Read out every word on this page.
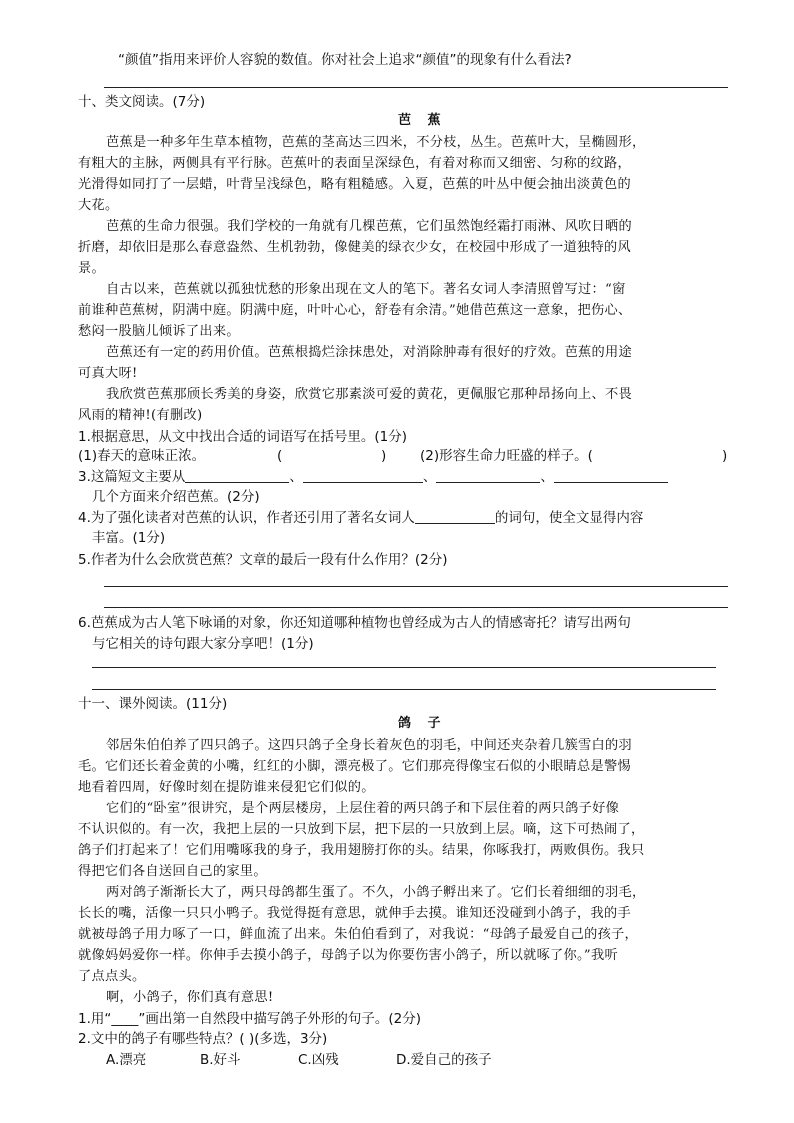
“颜值”指用来评价人容貌的数值。你对社会上追求“颜值”的现象有什么看法?
十、类文阅读。(7分)
芭 蕉
芭蕉是一种多年生草本植物，芭蕉的茎高达三四米，不分枝，丛生。芭蕉叶大，呈椭圆形，
有粗大的主脉，两侧具有平行脉。芭蕉叶的表面呈深绿色，有着对称而又细密、匀称的纹路，
光滑得如同打了一层蜡，叶背呈浅绿色，略有粗糙感。入夏，芭蕉的叶丛中便会抽出淡黄色的
大花。
芭蕉的生命力很强。我们学校的一角就有几棵芭蕉，它们虽然饱经霜打雨淋、风吹日晒的
折磨，却依旧是那么春意盎然、生机勃勃，像健美的绿衣少女，在校园中形成了一道独特的风
景。
自古以来，芭蕉就以孤独忧愁的形象出现在文人的笔下。著名女词人李清照曾写过：“窗
前谁种芭蕉树，阴满中庭。阴满中庭，叶叶心心，舒卷有余清。”她借芭蕉这一意象，把伤心、
愁闷一股脑儿倾诉了出来。
芭蕉还有一定的药用价值。芭蕉根捣烂涂抹患处，对消除肿毒有很好的疗效。芭蕉的用途
可真大呀!
我欣赏芭蕉那颀长秀美的身姿，欣赏它那素淡可爱的黄花，更佩服它那种昂扬向上、不畏
风雨的精神!(有删改)
1.根据意思，从文中找出合适的词语写在括号里。(1分)
(1)春天的意味正浓。	(	) (2)形容生命力旺盛的样子。(	)
3.这篇短文主要从	、	、	、
几个方面来介绍芭蕉。(2分)
4.为了强化读者对芭蕉的认识，作者还引用了著名女词人	的词句，使全文显得内容
丰富。(1分)
5.作者为什么会欣赏芭蕉？文章的最后一段有什么作用？(2分)
6.芭蕉成为古人笔下咏诵的对象，你还知道哪种植物也曾经成为古人的情感寄托？请写出两句
与它相关的诗句跟大家分享吧！(1分)
十一、课外阅读。(11分)
鸽 子
邻居朱伯伯养了四只鸽子。这四只鸽子全身长着灰色的羽毛，中间还夹杂着几簇雪白的羽
毛。它们还长着金黄的小嘴，红红的小脚，漂亮极了。它们那亮得像宝石似的小眼睛总是警惕
地看着四周，好像时刻在提防谁来侵犯它们似的。
它们的“卧室”很讲究，是个两层楼房，上层住着的两只鸽子和下层住着的两只鸽子好像
不认识似的。有一次，我把上层的一只放到下层，把下层的一只放到上层。嘀，这下可热闹了，
鸽子们打起来了！它们用嘴啄我的身子，我用翅膀打你的头。结果，你啄我打，两败俱伤。我只
得把它们各自送回自己的家里。
两对鸽子渐渐长大了，两只母鸽都生蛋了。不久，小鸽子孵出来了。它们长着细细的羽毛，
长长的嘴，活像一只只小鸭子。我觉得挺有意思，就伸手去摸。谁知还没碰到小鸽子，我的手
就被母鸽子用力啄了一口，鲜血流了出来。朱伯伯看到了，对我说：“母鸽子最爱自己的孩子，
就像妈妈爱你一样。你伸手去摸小鸽子，母鸽子以为你要伤害小鸽子，所以就啄了你。”我听
了点点头。
啊，小鸽子，你们真有意思!
1.用“____”画出第一自然段中描写鸽子外形的句子。(2分)
2.文中的鸽子有哪些特点？( )(多选，3分)
A.漂亮	B.好斗	C.凶残	D.爱自己的孩子
